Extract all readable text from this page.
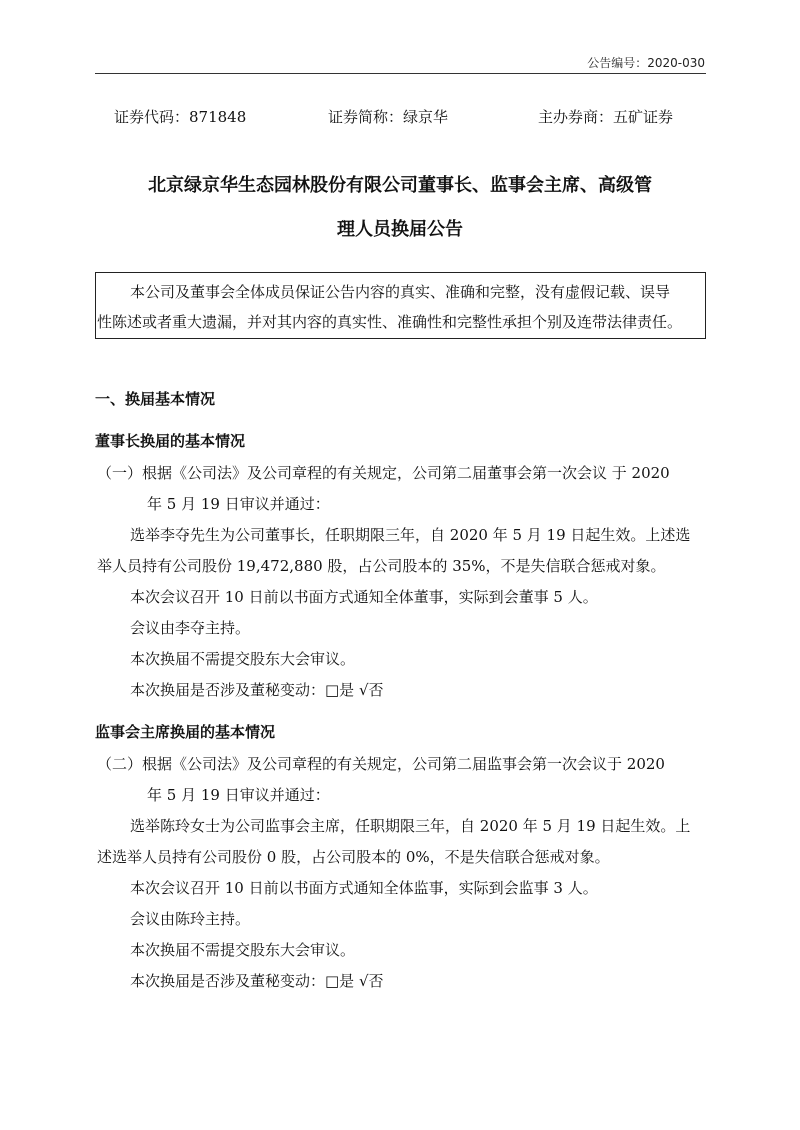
公告编号：2020-030
证券代码：871848	证券简称：绿京华	主办券商：五矿证券
北京绿京华生态园林股份有限公司董事长、监事会主席、高级管
理人员换届公告
本公司及董事会全体成员保证公告内容的真实、准确和完整，没有虚假记载、误导
性陈述或者重大遗漏，并对其内容的真实性、准确性和完整性承担个别及连带法律责任。
一、换届基本情况
董事长换届的基本情况
（一）根据《公司法》及公司章程的有关规定，公司第二届董事会第一次会议 于 2020
年 5 月 19 日审议并通过：
选举李夺先生为公司董事长，任职期限三年，自 2020 年 5 月 19 日起生效。上述选
举人员持有公司股份 19,472,880 股，占公司股本的 35%，不是失信联合惩戒对象。
本次会议召开 10 日前以书面方式通知全体董事，实际到会董事 5 人。
会议由李夺主持。
本次换届不需提交股东大会审议。
本次换届是否涉及董秘变动：□是 √否
监事会主席换届的基本情况
（二）根据《公司法》及公司章程的有关规定，公司第二届监事会第一次会议于 2020
年 5 月 19 日审议并通过：
选举陈玲女士为公司监事会主席，任职期限三年，自 2020 年 5 月 19 日起生效。上
述选举人员持有公司股份 0 股，占公司股本的 0%，不是失信联合惩戒对象。
本次会议召开 10 日前以书面方式通知全体监事，实际到会监事 3 人。
会议由陈玲主持。
本次换届不需提交股东大会审议。
本次换届是否涉及董秘变动：□是 √否
